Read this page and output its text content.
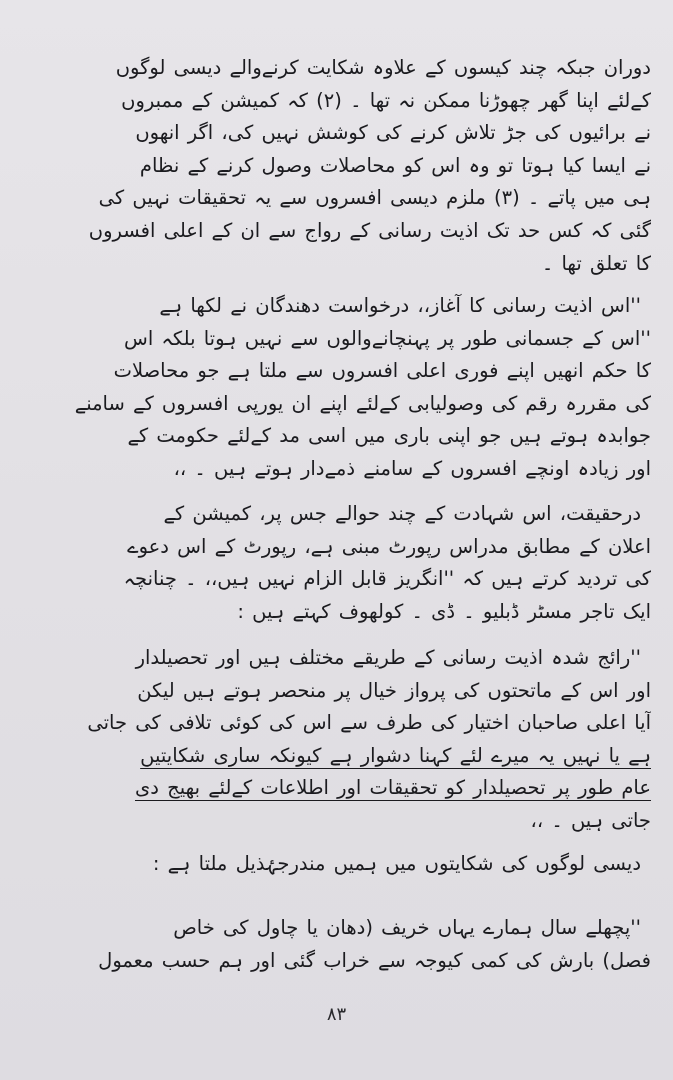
دوران جبکہ چند کیسوں کے علاوہ شکایت کرنےوالے دیسی لوگوں
کےلئے اپنا گھر چھوڑنا ممکن نہ تھا ۔ (۲) کہ کمیشن کے ممبروں
نے برائیوں کی جڑ تلاش کرنے کی کوشش نہیں کی، اگر انھوں
نے ایسا کیا ہوتا تو وہ اس کو محاصلات وصول کرنے کے نظام
ہی میں پاتے ۔ (۳) ملزم دیسی افسروں سے یہ تحقیقات نہیں کی
گئی کہ کس حد تک اذیت رسانی کے رواج سے ان کے اعلی افسروں
کا تعلق تھا ۔
''اس اذیت رسانی کا آغاز،، درخواست دھندگان نے لکھا ہے
''اس کے جسمانی طور پر پہنچانےوالوں سے نہیں ہوتا بلکہ اس
کا حکم انھیں اپنے فوری اعلی افسروں سے ملتا ہے جو محاصلات
کی مقررہ رقم کی وصولیابی کےلئے اپنے ان یورپی افسروں کے سامنے
جوابدہ ہوتے ہیں جو اپنی باری میں اسی مد کےلئے حکومت کے
اور زیادہ اونچے افسروں کے سامنے ذمےدار ہوتے ہیں ۔ ،،
درحقیقت، اس شہادت کے چند حوالے جس پر، کمیشن کے
اعلان کے مطابق مدراس رپورٹ مبنی ہے، رپورٹ کے اس دعوے
کی تردید کرتے ہیں کہ ''انگریز قابل الزام نہیں ہیں،، ۔ چنانچہ
ایک تاجر مسٹر ڈبلیو ۔ ڈی ۔ کولھوف کہتے ہیں :
''رائج شدہ اذیت رسانی کے طریقے مختلف ہیں اور تحصیلدار
اور اس کے ماتحتوں کی پرواز خیال پر منحصر ہوتے ہیں لیکن
آیا اعلی صاحبان اختیار کی طرف سے اس کی کوئی تلافی کی جاتی
ہے یا نہیں یہ میرے لئے کہنا دشوار ہے کیونکہ ساری شکایتیں
عام طور پر تحصیلدار کو تحقیقات اور اطلاعات کےلئے بھیج دی
جاتی ہیں ۔ ،،
دیسی لوگوں کی شکایتوں میں ہمیں مندرجۂذیل ملتا ہے :
''پچھلے سال ہمارے یہاں خریف (دھان یا چاول کی خاص
فصل) بارش کی کمی کیوجہ سے خراب گئی اور ہم حسب معمول
۸۳
